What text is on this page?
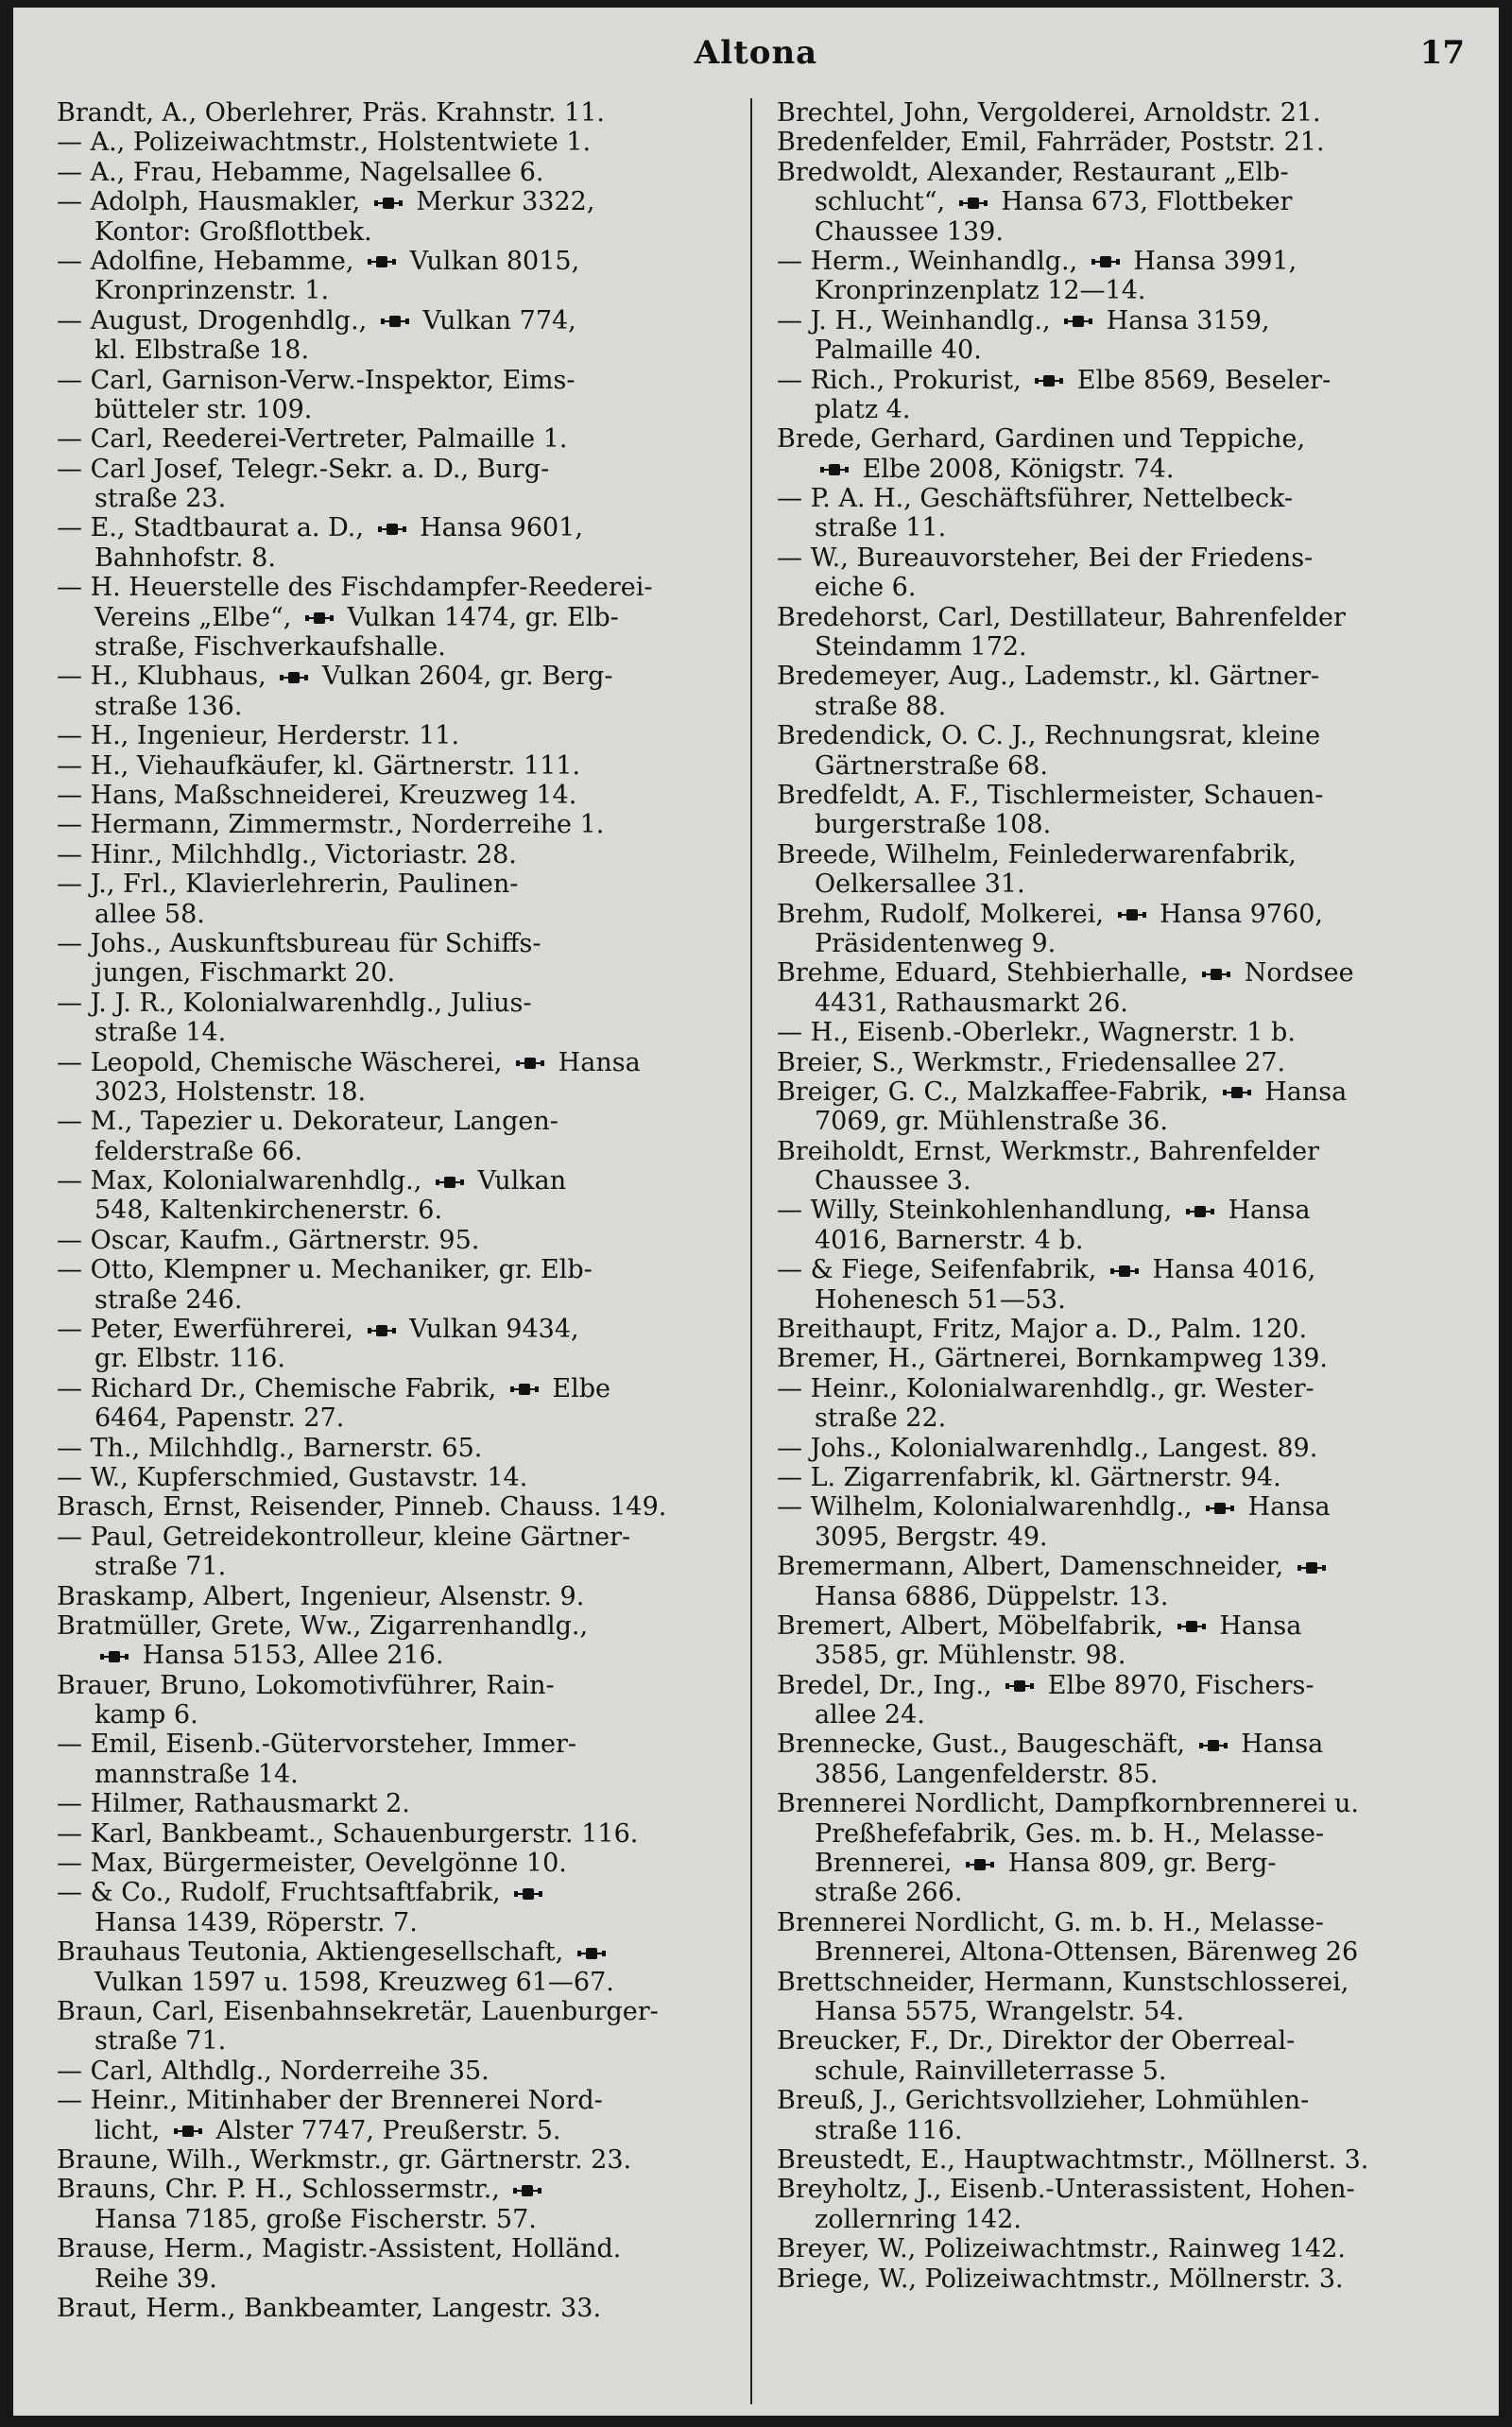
Altona	17
Brandt, A., Oberlehrer, Präs. Krahnstr. 11.
— A., Polizeiwachtmstr., Holstentwiete 1.
— A., Frau, Hebamme, Nagelsallee 6.
— Adolph, Hausmakler,  Merkur 3322,
Kontor: Großflottbek.
— Adolfine, Hebamme,  Vulkan 8015,
Kronprinzenstr. 1.
— August, Drogenhdlg.,  Vulkan 774,
kl. Elbstraße 18.
— Carl, Garnison-Verw.-Inspektor, Eims-
bütteler str. 109.
— Carl, Reederei-Vertreter, Palmaille 1.
— Carl Josef, Telegr.-Sekr. a. D., Burg-
straße 23.
— E., Stadtbaurat a. D.,  Hansa 9601,
Bahnhofstr. 8.
— H. Heuerstelle des Fischdampfer-Reederei-
Vereins „Elbe“,  Vulkan 1474, gr. Elb-
straße, Fischverkaufshalle.
— H., Klubhaus,  Vulkan 2604, gr. Berg-
straße 136.
— H., Ingenieur, Herderstr. 11.
— H., Viehaufkäufer, kl. Gärtnerstr. 111.
— Hans, Maßschneiderei, Kreuzweg 14.
— Hermann, Zimmermstr., Norderreihe 1.
— Hinr., Milchhdlg., Victoriastr. 28.
— J., Frl., Klavierlehrerin, Paulinen-
allee 58.
— Johs., Auskunftsbureau für Schiffs-
jungen, Fischmarkt 20.
— J. J. R., Kolonialwarenhdlg., Julius-
straße 14.
— Leopold, Chemische Wäscherei,  Hansa
3023, Holstenstr. 18.
— M., Tapezier u. Dekorateur, Langen-
felderstraße 66.
— Max, Kolonialwarenhdlg.,  Vulkan
548, Kaltenkirchenerstr. 6.
— Oscar, Kaufm., Gärtnerstr. 95.
— Otto, Klempner u. Mechaniker, gr. Elb-
straße 246.
— Peter, Ewerführerei,  Vulkan 9434,
gr. Elbstr. 116.
— Richard Dr., Chemische Fabrik,  Elbe
6464, Papenstr. 27.
— Th., Milchhdlg., Barnerstr. 65.
— W., Kupferschmied, Gustavstr. 14.
Brasch, Ernst, Reisender, Pinneb. Chauss. 149.
— Paul, Getreidekontrolleur, kleine Gärtner-
straße 71.
Braskamp, Albert, Ingenieur, Alsenstr. 9.
Bratmüller, Grete, Ww., Zigarrenhandlg.,
Hansa 5153, Allee 216.
Brauer, Bruno, Lokomotivführer, Rain-
kamp 6.
— Emil, Eisenb.-Gütervorsteher, Immer-
mannstraße 14.
— Hilmer, Rathausmarkt 2.
— Karl, Bankbeamt., Schauenburgerstr. 116.
— Max, Bürgermeister, Oevelgönne 10.
— & Co., Rudolf, Fruchtsaftfabrik,
Hansa 1439, Röperstr. 7.
Brauhaus Teutonia, Aktiengesellschaft,
Vulkan 1597 u. 1598, Kreuzweg 61—67.
Braun, Carl, Eisenbahnsekretär, Lauenburger-
straße 71.
— Carl, Althdlg., Norderreihe 35.
— Heinr., Mitinhaber der Brennerei Nord-
licht,  Alster 7747, Preußerstr. 5.
Braune, Wilh., Werkmstr., gr. Gärtnerstr. 23.
Brauns, Chr. P. H., Schlossermstr.,
Hansa 7185, große Fischerstr. 57.
Brause, Herm., Magistr.-Assistent, Holländ.
Reihe 39.
Braut, Herm., Bankbeamter, Langestr. 33.
Brechtel, John, Vergolderei, Arnoldstr. 21.
Bredenfelder, Emil, Fahrräder, Poststr. 21.
Bredwoldt, Alexander, Restaurant „Elb-
schlucht“,  Hansa 673, Flottbeker
Chaussee 139.
— Herm., Weinhandlg.,  Hansa 3991,
Kronprinzenplatz 12—14.
— J. H., Weinhandlg.,  Hansa 3159,
Palmaille 40.
— Rich., Prokurist,  Elbe 8569, Beseler-
platz 4.
Brede, Gerhard, Gardinen und Teppiche,
Elbe 2008, Königstr. 74.
— P. A. H., Geschäftsführer, Nettelbeck-
straße 11.
— W., Bureauvorsteher, Bei der Friedens-
eiche 6.
Bredehorst, Carl, Destillateur, Bahrenfelder
Steindamm 172.
Bredemeyer, Aug., Lademstr., kl. Gärtner-
straße 88.
Bredendick, O. C. J., Rechnungsrat, kleine
Gärtnerstraße 68.
Bredfeldt, A. F., Tischlermeister, Schauen-
burgerstraße 108.
Breede, Wilhelm, Feinlederwarenfabrik,
Oelkersallee 31.
Brehm, Rudolf, Molkerei,  Hansa 9760,
Präsidentenweg 9.
Brehme, Eduard, Stehbierhalle,  Nordsee
4431, Rathausmarkt 26.
— H., Eisenb.-Oberlekr., Wagnerstr. 1 b.
Breier, S., Werkmstr., Friedensallee 27.
Breiger, G. C., Malzkaffee-Fabrik,  Hansa
7069, gr. Mühlenstraße 36.
Breiholdt, Ernst, Werkmstr., Bahrenfelder
Chaussee 3.
— Willy, Steinkohlenhandlung,  Hansa
4016, Barnerstr. 4 b.
— & Fiege, Seifenfabrik,  Hansa 4016,
Hohenesch 51—53.
Breithaupt, Fritz, Major a. D., Palm. 120.
Bremer, H., Gärtnerei, Bornkampweg 139.
— Heinr., Kolonialwarenhdlg., gr. Wester-
straße 22.
— Johs., Kolonialwarenhdlg., Langest. 89.
— L. Zigarrenfabrik, kl. Gärtnerstr. 94.
— Wilhelm, Kolonialwarenhdlg.,  Hansa
3095, Bergstr. 49.
Bremermann, Albert, Damenschneider,
Hansa 6886, Düppelstr. 13.
Bremert, Albert, Möbelfabrik,  Hansa
3585, gr. Mühlenstr. 98.
Bredel, Dr., Ing.,  Elbe 8970, Fischers-
allee 24.
Brennecke, Gust., Baugeschäft,  Hansa
3856, Langenfelderstr. 85.
Brennerei Nordlicht, Dampfkornbrennerei u.
Preßhefefabrik, Ges. m. b. H., Melasse-
Brennerei,  Hansa 809, gr. Berg-
straße 266.
Brennerei Nordlicht, G. m. b. H., Melasse-
Brennerei, Altona-Ottensen, Bärenweg 26
Brettschneider, Hermann, Kunstschlosserei,
Hansa 5575, Wrangelstr. 54.
Breucker, F., Dr., Direktor der Oberreal-
schule, Rainvilleterrasse 5.
Breuß, J., Gerichtsvollzieher, Lohmühlen-
straße 116.
Breustedt, E., Hauptwachtmstr., Möllnerst. 3.
Breyholtz, J., Eisenb.-Unterassistent, Hohen-
zollernring 142.
Breyer, W., Polizeiwachtmstr., Rainweg 142.
Briege, W., Polizeiwachtmstr., Möllnerstr. 3.
